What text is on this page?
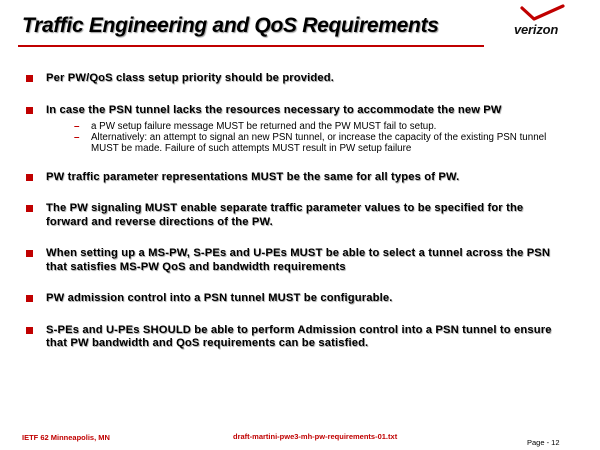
Traffic Engineering and QoS Requirements	verizon
Per PW/QoS class setup priority should be provided.
In case the PSN tunnel lacks the resources necessary to accommodate the new PW
– a PW setup failure message MUST be returned and the PW MUST fail to setup.
– Alternatively: an attempt to signal an new PSN tunnel, or increase the capacity of the existing PSN tunnel MUST be made. Failure of such attempts MUST result in PW setup failure
PW traffic parameter representations MUST be the same for all types of PW.
The PW signaling MUST enable separate traffic parameter values to be specified for the forward and reverse directions of the PW.
When setting up a MS-PW, S-PEs and U-PEs MUST be able to select a tunnel across the PSN that satisfies MS-PW QoS and bandwidth requirements
PW admission control into a PSN tunnel MUST be configurable.
S-PEs and U-PEs SHOULD be able to perform Admission control into a PSN tunnel to ensure that PW bandwidth and QoS requirements can be satisfied.
IETF 62 Minneapolis, MN	draft-martini-pwe3-mh-pw-requirements-01.txt
Page - 12
